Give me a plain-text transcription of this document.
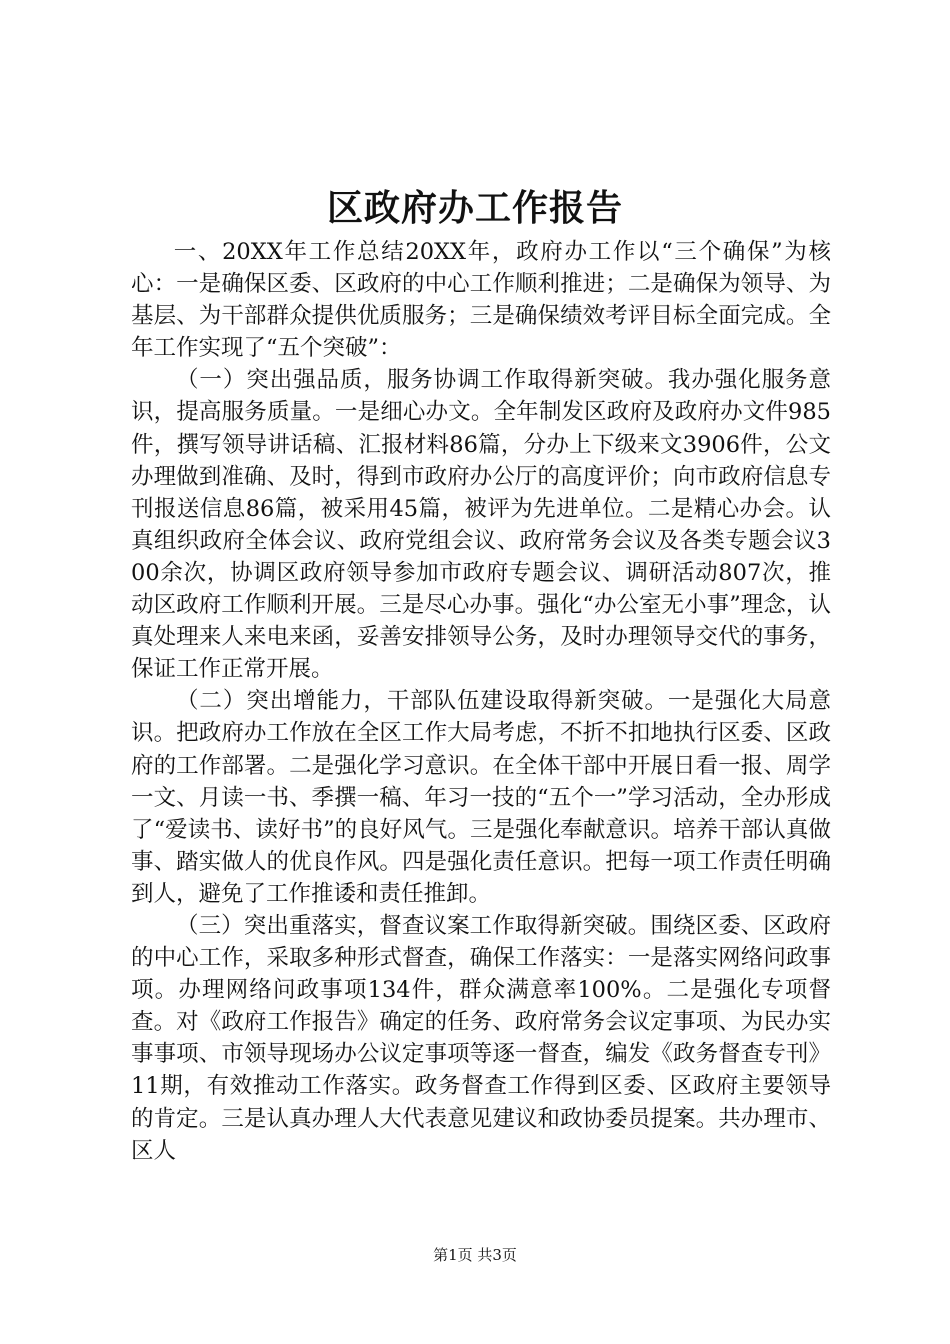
区政府办工作报告

一、20XX年工作总结20XX年，政府办工作以“三个确保”为核心：一是确保区委、区政府的中心工作顺利推进；二是确保为领导、为基层、为干部群众提供优质服务；三是确保绩效考评目标全面完成。全年工作实现了“五个突破”：

（一）突出强品质，服务协调工作取得新突破。我办强化服务意识，提高服务质量。一是细心办文。全年制发区政府及政府办文件985件，撰写领导讲话稿、汇报材料86篇，分办上下级来文3906件，公文办理做到准确、及时，得到市政府办公厅的高度评价；向市政府信息专刊报送信息86篇，被采用45篇，被评为先进单位。二是精心办会。认真组织政府全体会议、政府党组会议、政府常务会议及各类专题会议300余次，协调区政府领导参加市政府专题会议、调研活动807次，推动区政府工作顺利开展。三是尽心办事。强化“办公室无小事”理念，认真处理来人来电来函，妥善安排领导公务，及时办理领导交代的事务，保证工作正常开展。

（二）突出增能力，干部队伍建设取得新突破。一是强化大局意识。把政府办工作放在全区工作大局考虑，不折不扣地执行区委、区政府的工作部署。二是强化学习意识。在全体干部中开展日看一报、周学一文、月读一书、季撰一稿、年习一技的“五个一”学习活动，全办形成了“爱读书、读好书”的良好风气。三是强化奉献意识。培养干部认真做事、踏实做人的优良作风。四是强化责任意识。把每一项工作责任明确到人，避免了工作推诿和责任推卸。

（三）突出重落实，督查议案工作取得新突破。围绕区委、区政府的中心工作，采取多种形式督查，确保工作落实：一是落实网络问政事项。办理网络问政事项134件，群众满意率100%。二是强化专项督查。对《政府工作报告》确定的任务、政府常务会议定事项、为民办实事事项、市领导现场办公议定事项等逐一督查，编发《政务督查专刊》11期，有效推动工作落实。政务督查工作得到区委、区政府主要领导的肯定。三是认真办理人大代表意见建议和政协委员提案。共办理市、区人

第1页 共3页
